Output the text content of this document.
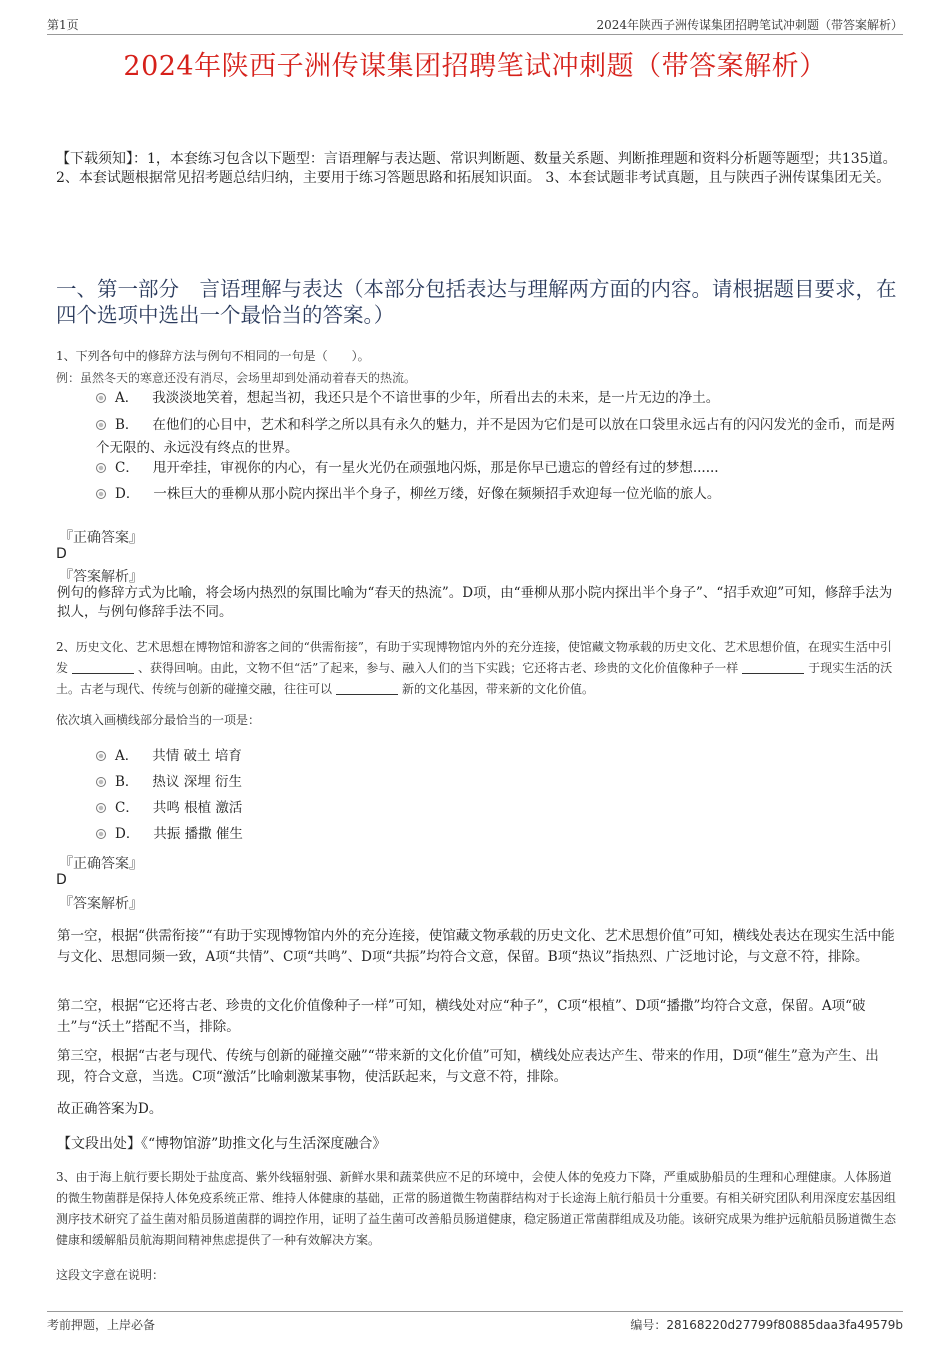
第1页	2024年陕西子洲传谋集团招聘笔试冲刺题（带答案解析）
2024年陕西子洲传谋集团招聘笔试冲刺题（带答案解析）
【下载须知】：1，本套练习包含以下题型：言语理解与表达题、常识判断题、数量关系题、判断推理题和资料分析题等题型；共135道。 2、本套试题根据常见招考题总结归纳，主要用于练习答题思路和拓展知识面。 3、本套试题非考试真题，且与陕西子洲传谋集团无关。
一、第一部分　言语理解与表达（本部分包括表达与理解两方面的内容。请根据题目要求，在四个选项中选出一个最恰当的答案。）
1、下列各句中的修辞方法与例句不相同的一句是（　　）。
例：虽然冬天的寒意还没有消尽，会场里却到处涌动着春天的热流。
A． 我淡淡地笑着，想起当初，我还只是个不谙世事的少年，所看出去的未来，是一片无边的净土。
B． 在他们的心目中，艺术和科学之所以具有永久的魅力，并不是因为它们是可以放在口袋里永远占有的闪闪发光的金币，而是两个无限的、永远没有终点的世界。
C． 甩开牵挂，审视你的内心，有一星火光仍在顽强地闪烁，那是你早已遗忘的曾经有过的梦想......
D． 一株巨大的垂柳从那小院内探出半个身子，柳丝万缕，好像在频频招手欢迎每一位光临的旅人。
『正确答案』
D
『答案解析』
例句的修辞方式为比喻，将会场内热烈的氛围比喻为“春天的热流”。D项，由“垂柳从那小院内探出半个身子”、“招手欢迎”可知，修辞手法为拟人，与例句修辞手法不同。
2、历史文化、艺术思想在博物馆和游客之间的“供需衔接”，有助于实现博物馆内外的充分连接，使馆藏文物承载的历史文化、艺术思想价值，在现实生活中引发	、获得回响。由此，文物不但“活”了起来，参与、融入人们的当下实践；它还将古老、珍贵的文化价值像种子一样	于现实生活的沃土。古老与现代、传统与创新的碰撞交融，往往可以	新的文化基因，带来新的文化价值。
依次填入画横线部分最恰当的一项是：
A． 共情 破土 培育
B． 热议 深埋 衍生
C． 共鸣 根植 激活
D． 共振 播撒 催生
『正确答案』
D
『答案解析』
第一空，根据“供需衔接”“有助于实现博物馆内外的充分连接，使馆藏文物承载的历史文化、艺术思想价值”可知，横线处表达在现实生活中能与文化、思想同频一致，A项“共情”、C项“共鸣”、D项“共振”均符合文意，保留。B项“热议”指热烈、广泛地讨论，与文意不符，排除。
第二空，根据“它还将古老、珍贵的文化价值像种子一样”可知，横线处对应“种子”，C项“根植”、D项“播撒”均符合文意，保留。A项“破土”与“沃土”搭配不当，排除。
第三空，根据“古老与现代、传统与创新的碰撞交融”“带来新的文化价值”可知，横线处应表达产生、带来的作用，D项“催生”意为产生、出现，符合文意，当选。C项“激活”比喻刺激某事物，使活跃起来，与文意不符，排除。
故正确答案为D。
【文段出处】《“博物馆游”助推文化与生活深度融合》
3、由于海上航行要长期处于盐度高、紫外线辐射强、新鲜水果和蔬菜供应不足的环境中，会使人体的免疫力下降，严重威胁船员的生理和心理健康。人体肠道的微生物菌群是保持人体免疫系统正常、维持人体健康的基础，正常的肠道微生物菌群结构对于长途海上航行船员十分重要。有相关研究团队利用深度宏基因组测序技术研究了益生菌对船员肠道菌群的调控作用，证明了益生菌可改善船员肠道健康，稳定肠道正常菌群组成及功能。该研究成果为维护远航船员肠道微生态健康和缓解船员航海期间精神焦虑提供了一种有效解决方案。
这段文字意在说明：
考前押题，上岸必备	编号：28168220d27799f80885daa3fa49579b
